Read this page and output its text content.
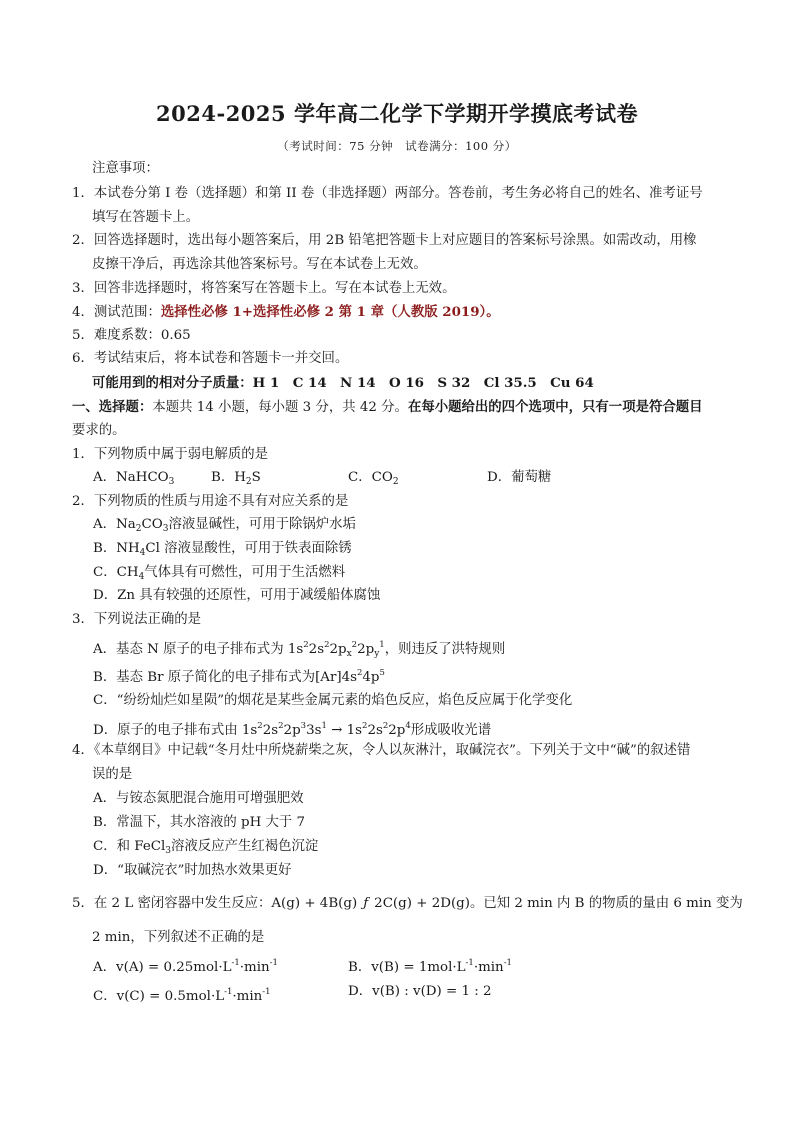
2024-2025 学年高二化学下学期开学摸底考试卷
（考试时间：75 分钟　试卷满分：100 分）
注意事项：
1．本试卷分第 I 卷（选择题）和第 II 卷（非选择题）两部分。答卷前，考生务必将自己的姓名、准考证号
填写在答题卡上。
2．回答选择题时，选出每小题答案后，用 2B 铅笔把答题卡上对应题目的答案标号涂黑。如需改动，用橡
皮擦干净后，再选涂其他答案标号。写在本试卷上无效。
3．回答非选择题时，将答案写在答题卡上。写在本试卷上无效。
4．测试范围：选择性必修 1+选择性必修 2 第 1 章（人教版 2019）。
5．难度系数：0.65
6．考试结束后，将本试卷和答题卡一并交回。
可能用到的相对分子质量：H 1　C 14　N 14　O 16　S 32　Cl 35.5　Cu 64
一、选择题：本题共 14 小题，每小题 3 分，共 42 分。在每小题给出的四个选项中，只有一项是符合题目
要求的。
1．下列物质中属于弱电解质的是
A．NaHCO$_3$	B．$H_2S$	C．$CO_2$	D．葡萄糖
2．下列物质的性质与用途不具有对应关系的是
A．$Na_2CO_3$溶液显碱性，可用于除锅炉水垢
B．$NH_4Cl$ 溶液显酸性，可用于铁表面除锈
C．$CH_4$气体具有可燃性，可用于生活燃料
D．Zn 具有较强的还原性，可用于减缓船体腐蚀
3．下列说法正确的是
A．基态 N 原子的电子排布式为 $1s^22s^22p_x^22p_y^1$，则违反了洪特规则
B．基态 Br 原子简化的电子排布式为$[Ar]4s^24p^5$
C．“纷纷灿烂如星陨”的烟花是某些金属元素的焰色反应，焰色反应属于化学变化
D．原子的电子排布式由 $1s^22s^22p^33s^1 \to 1s^22s^22p^4$形成吸收光谱
4．《本草纲目》中记载“冬月灶中所烧薪柴之灰，令人以灰淋汁，取碱浣衣”。下列关于文中“碱”的叙述错
误的是
A．与铵态氮肥混合施用可增强肥效
B．常温下，其水溶液的 pH 大于 7
C．和 FeCl$_3$溶液反应产生红褐色沉淀
D．“取碱浣衣”时加热水效果更好
5．在 2 L 密闭容器中发生反应：A(g) + 4B(g) ƒ 2C(g) + 2D(g)。已知 2 min 内 B 的物质的量由 6 min 变为
2 min，下列叙述不正确的是
A．$v(A) = 0.25mol\cdot L^{-1}\cdot\min^{-1}$	B．$v(B) = 1mol\cdot L^{-1}\cdot\min^{-1}$
C．$v(C) = 0.5mol\cdot L^{-1}\cdot\min^{-1}$	D．v(B) : v(D) = 1 : 2
